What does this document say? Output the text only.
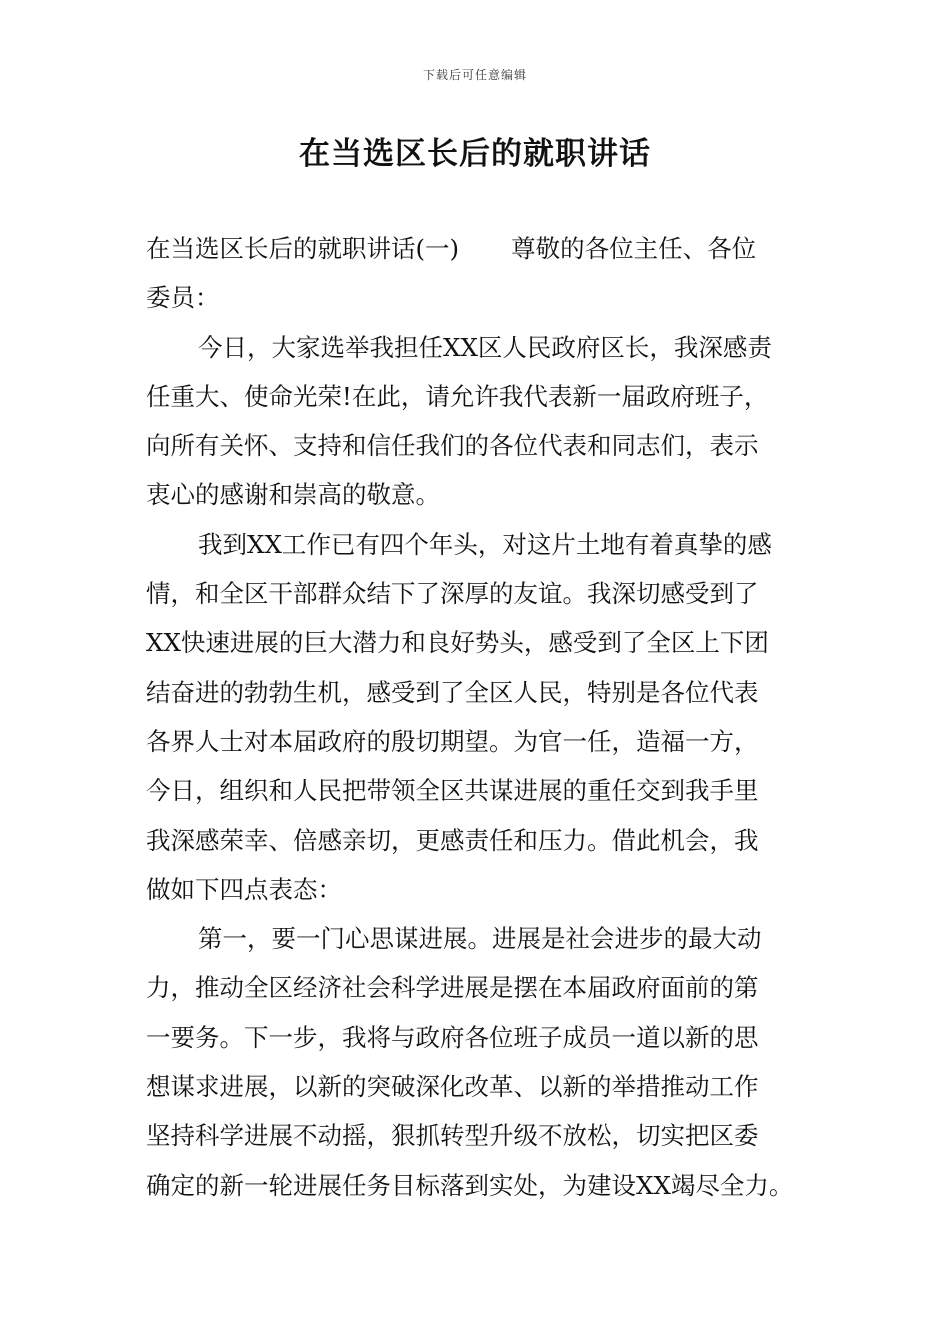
下载后可任意编辑
在当选区长后的就职讲话
在当选区长后的就职讲话(一) 尊敬的各位主任、各位
委员：
今日，大家选举我担任XX区人民政府区长，我深感责
任重大、使命光荣!在此，请允许我代表新一届政府班子，
向所有关怀、支持和信任我们的各位代表和同志们，表示
衷心的感谢和崇高的敬意。
我到XX工作已有四个年头，对这片土地有着真挚的感
情，和全区干部群众结下了深厚的友谊。我深切感受到了
XX快速进展的巨大潜力和良好势头，感受到了全区上下团
结奋进的勃勃生机，感受到了全区人民，特别是各位代表
各界人士对本届政府的殷切期望。为官一任，造福一方，
今日，组织和人民把带领全区共谋进展的重任交到我手里
我深感荣幸、倍感亲切，更感责任和压力。借此机会，我
做如下四点表态：
第一，要一门心思谋进展。进展是社会进步的最大动
力，推动全区经济社会科学进展是摆在本届政府面前的第
一要务。下一步，我将与政府各位班子成员一道以新的思
想谋求进展，以新的突破深化改革、以新的举措推动工作
坚持科学进展不动摇，狠抓转型升级不放松，切实把区委
确定的新一轮进展任务目标落到实处，为建设XX竭尽全力。
